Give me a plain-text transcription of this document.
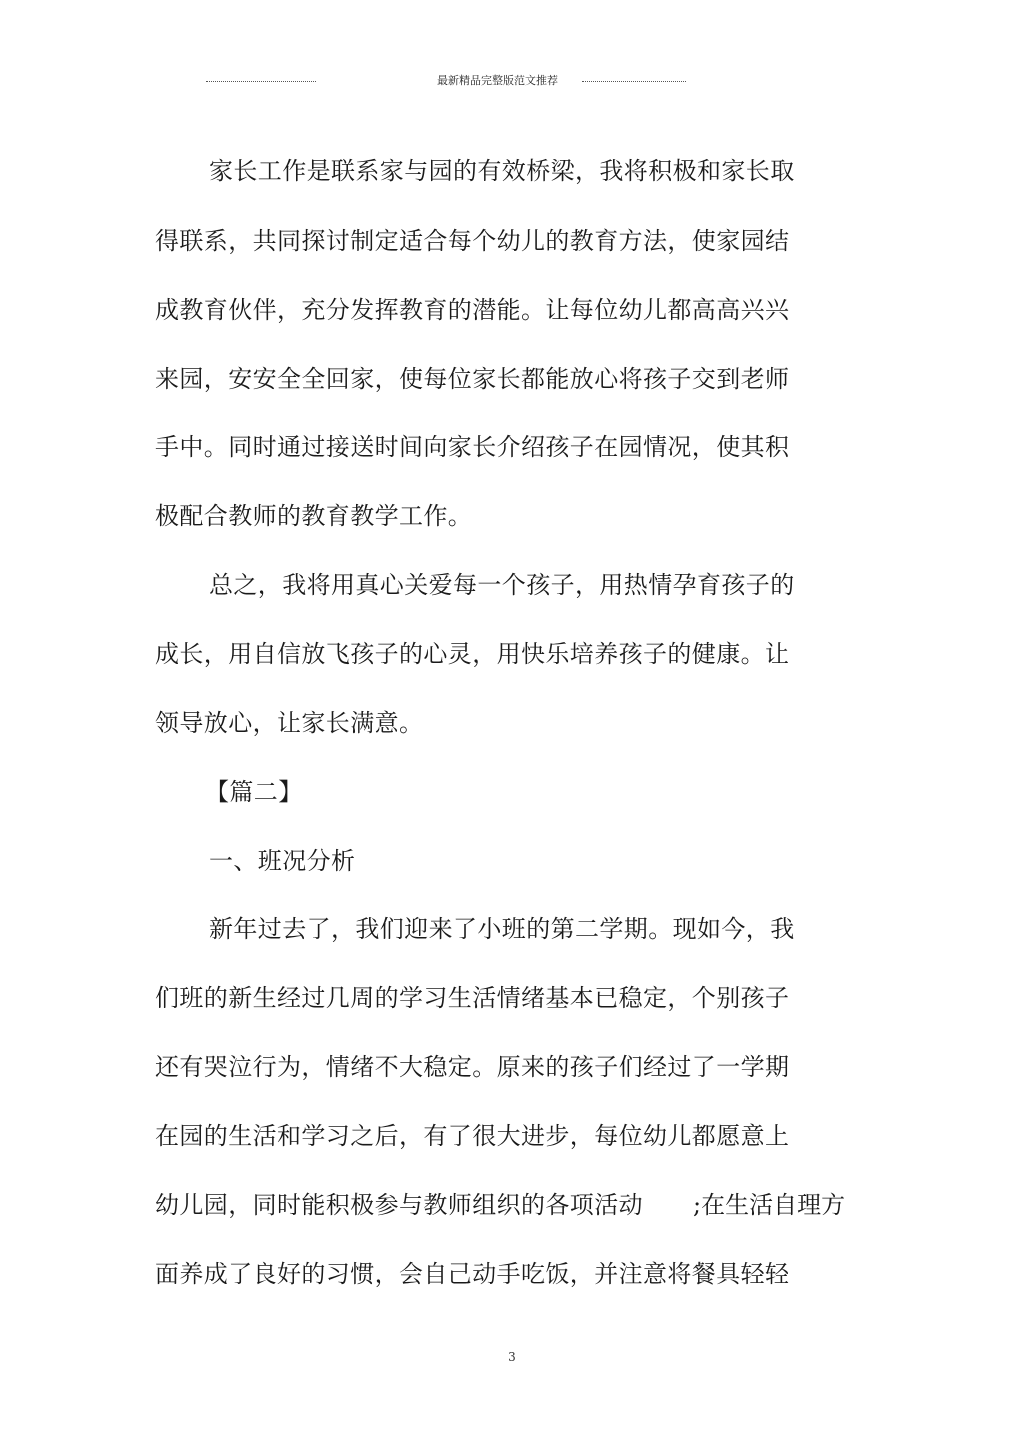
最新精品完整版范文推荐
家长工作是联系家与园的有效桥梁，我将积极和家长取
得联系，共同探讨制定适合每个幼儿的教育方法，使家园结
成教育伙伴，充分发挥教育的潜能。让每位幼儿都高高兴兴
来园，安安全全回家，使每位家长都能放心将孩子交到老师
手中。同时通过接送时间向家长介绍孩子在园情况，使其积
极配合教师的教育教学工作。
总之，我将用真心关爱每一个孩子，用热情孕育孩子的
成长，用自信放飞孩子的心灵，用快乐培养孩子的健康。让
领导放心，让家长满意。
【篇二】
一、班况分析
新年过去了，我们迎来了小班的第二学期。现如今，我
们班的新生经过几周的学习生活情绪基本已稳定，个别孩子
还有哭泣行为，情绪不大稳定。原来的孩子们经过了一学期
在园的生活和学习之后，有了很大进步，每位幼儿都愿意上
幼儿园，同时能积极参与教师组织的各项活动 ;在生活自理方
面养成了良好的习惯，会自己动手吃饭，并注意将餐具轻轻
3
